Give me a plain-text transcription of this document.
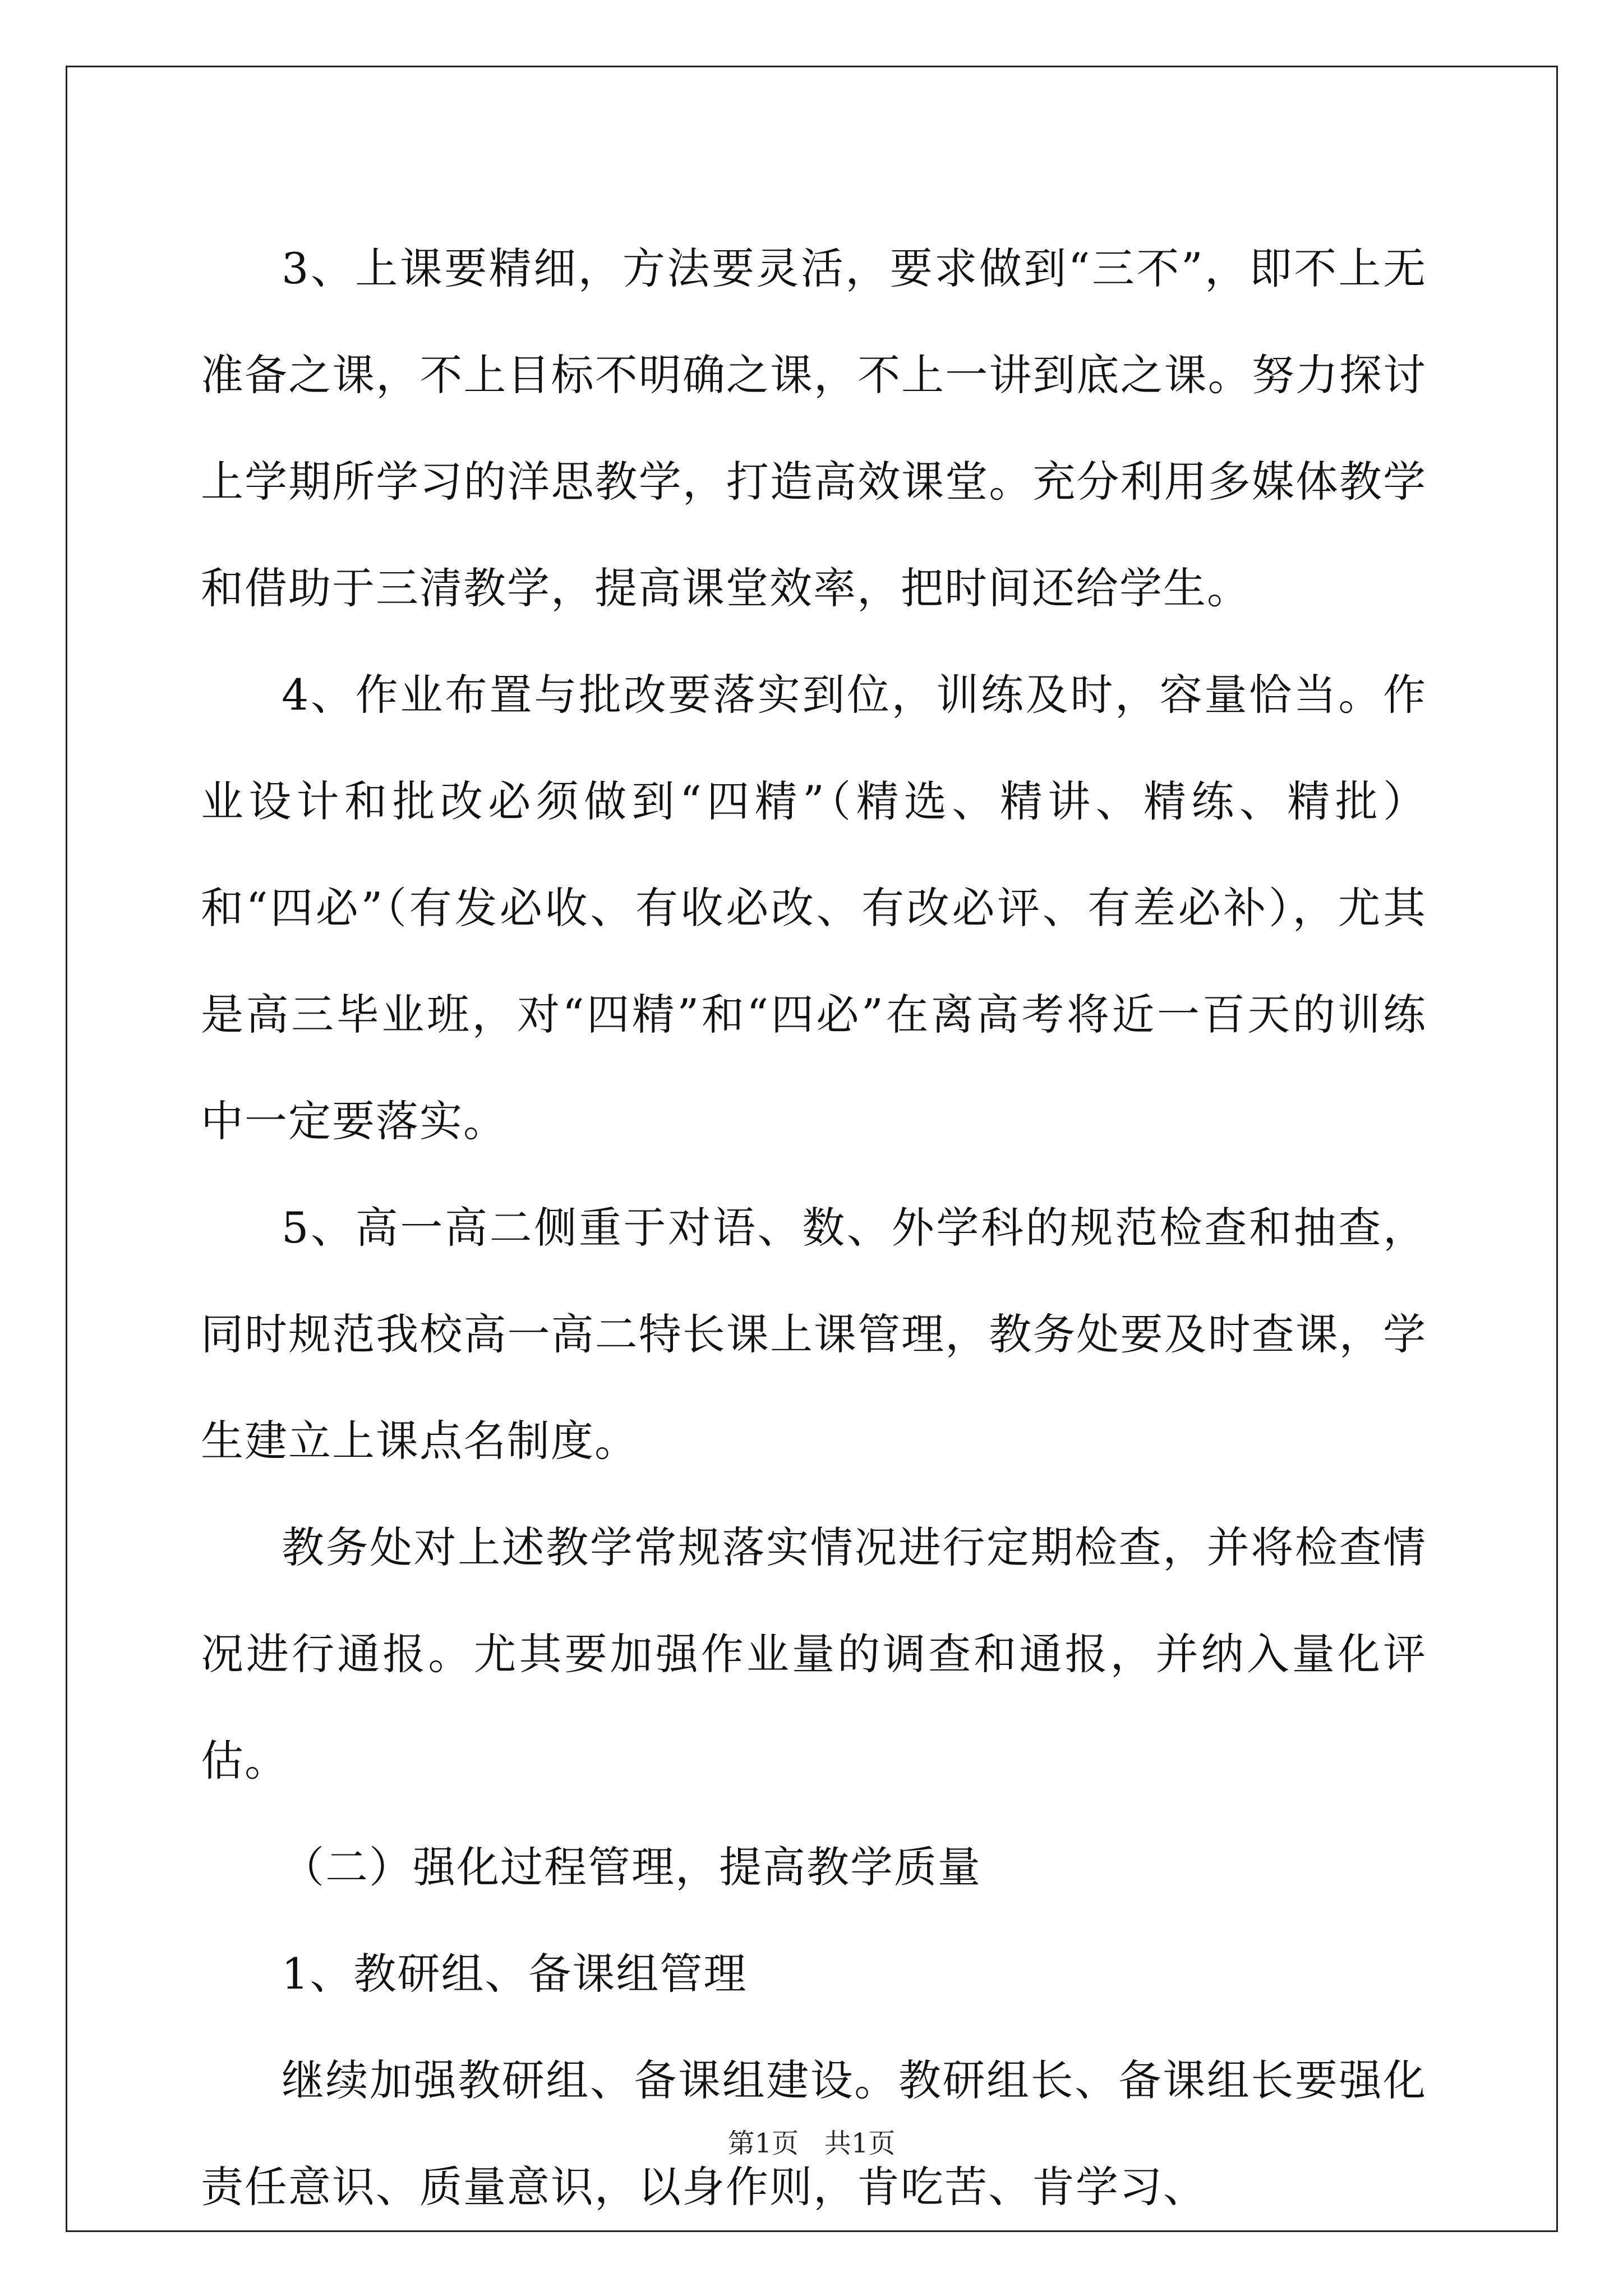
3、上课要精细，方法要灵活，要求做到“三不”，即不上无准备之课，不上目标不明确之课，不上一讲到底之课。努力探讨上学期所学习的洋思教学，打造高效课堂。充分利用多媒体教学和借助于三清教学，提高课堂效率，把时间还给学生。

4、作业布置与批改要落实到位，训练及时，容量恰当。作业设计和批改必须做到“四精”（精选、精讲、精练、精批）和“四必”（有发必收、有收必改、有改必评、有差必补），尤其是高三毕业班，对“四精”和“四必”在离高考将近一百天的训练中一定要落实。

5、高一高二侧重于对语、数、外学科的规范检查和抽查，同时规范我校高一高二特长课上课管理，教务处要及时查课，学生建立上课点名制度。

教务处对上述教学常规落实情况进行定期检查，并将检查情况进行通报。尤其要加强作业量的调查和通报，并纳入量化评估。

（二）强化过程管理，提高教学质量

1、教研组、备课组管理

继续加强教研组、备课组建设。教研组长、备课组长要强化责任意识、质量意识，以身作则，肯吃苦、肯学习、

第1页   共1页
